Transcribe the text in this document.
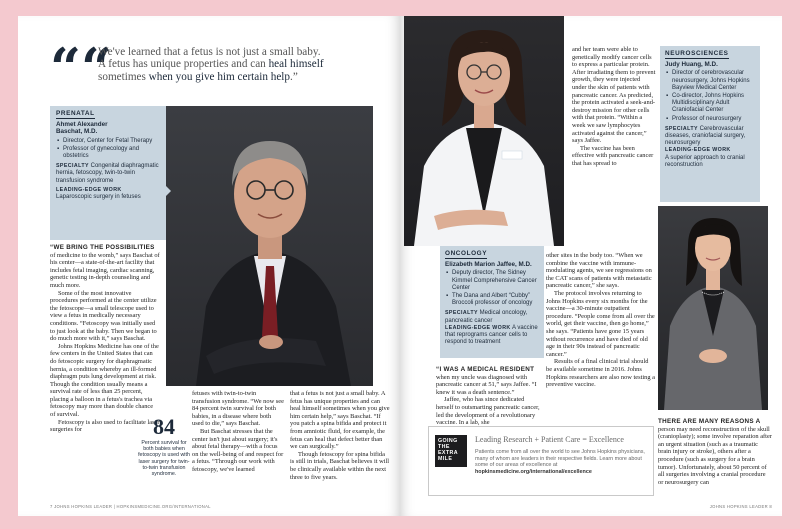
““
We've learned that a fetus is not just a small baby.
A fetus has unique properties and can heal himself
sometimes when you give him certain help.”
PRENATAL
Ahmet Alexander
Baschat, M.D.
▪ Director, Center for Fetal Therapy
▪ Professor of gynecology and obstetrics
SPECIALTY Congenital diaphragmatic hernia, fetoscopy, twin-to-twin transfusion syndrome
LEADING-EDGE WORK
Laparoscopic surgery in fetuses

“WE BRING THE POSSIBILITIES of medicine to the womb,” says Baschat of his center—a state-of-the-art facility that includes fetal imaging, cardiac scanning, genetic testing in-depth counseling and much more.

Some of the most innovative procedures performed at the center utilize the fetoscope—a small telescope used to view a fetus in medically necessary conditions. “Fetoscopy was initially used to just look at the baby. Then we began to do much more with it,” says Baschat.

Johns Hopkins Medicine has one of the few centers in the United States that can do fetoscopic surgery for diaphragmatic hernia, a condition whereby an ill-formed diaphragm puts lung development at risk. Though the condition usually means a survival rate of less than 25 percent, placing a balloon in a fetus's trachea via fetoscopy may more than double chance of survival.

Fetoscopy is also used to facilitate laser surgeries for	84
Percent survival for both babies when fetoscopy is used with laser surgery for twin-to-twin transfusion syndrome.

fetuses with twin-to-twin transfusion syndrome. “We now see 84 percent twin survival for both babies, in a disease where both used to die,” says Baschat.

But Baschat stresses that the center isn't just about surgery; it's about fetal therapy—with a focus on the well-being of and respect for a fetus. “Through our work with fetoscopy, we've learned

that a fetus is not just a small baby. A fetus has unique properties and can heal himself sometimes when you give him certain help,” says Baschat. “If you patch a spina bifida and protect it from amniotic fluid, for example, the fetus can heal that defect better than we can surgically.”

Though fetoscopy for spina bifida is still in trials, Baschat believes it will be clinically available within the next three to five years.

7 JOHNS HOPKINS LEADER | HOPKINSMEDICINE.ORG/INTERNATIONAL

and her team were able to genetically modify cancer cells to express a particular protein. After irradiating them to prevent growth, they were injected under the skin of patients with pancreatic cancer. As predicted, the protein activated a seek-and-destroy mission for other cells with that protein. “Within a week we saw lymphocytes activated against the cancer,” says Jaffee.

The vaccine has been effective with pancreatic cancer that has spread to

ONCOLOGY
Elizabeth Marion Jaffee, M.D.
▪ Deputy director, The Sidney Kimmel Comprehensive Cancer Center
▪ The Dana and Albert “Cubby” Broccoli professor of oncology
SPECIALTY Medical oncology, pancreatic cancer
LEADING-EDGE WORK A vaccine that reprograms cancer cells to respond to treatment

other sites in the body too. “When we combine the vaccine with immune-modulating agents, we see regressions on the CAT scans of patients with metastatic pancreatic cancer,” she says.

The protocol involves returning to Johns Hopkins every six months for the vaccine—a 30-minute outpatient procedure. “People come from all over the world, get their vaccine, then go home,” she says. “Patients have gone 15 years without recurrence and have died of old age in their 90s instead of pancreatic cancer.”

Results of a final clinical trial should be available sometime in 2016. Johns Hopkins researchers are also now testing a preventive vaccine.

“I WAS A MEDICAL RESIDENT when my uncle was diagnosed with pancreatic cancer at 51,” says Jaffee. “I knew it was a death sentence.”

Jaffee, who has since dedicated herself to outsmarting pancreatic cancer, led the development of a revolutionary vaccine. In a lab, she

NEUROSCIENCES
Judy Huang, M.D.
▪ Director of cerebrovascular neurosurgery, Johns Hopkins Bayview Medical Center
▪ Co-director, Johns Hopkins Multidisciplinary Adult Craniofacial Center
▪ Professor of neurosurgery
SPECIALTY Cerebrovascular diseases, craniofacial surgery, neurosurgery
LEADING-EDGE WORK
A superior approach to cranial reconstruction

THERE ARE MANY REASONS A person may need reconstruction of the skull (cranioplasty); some involve reparation after an urgent situation (such as a traumatic brain injury or stroke), others after a procedure (such as surgery for a brain tumor). Unfortunately, about 50 percent of all surgeries involving a cranial procedure or neurosurgery can

GOING
THE
EXTRA
MILE
Leading Research + Patient Care = Excellence
Patients come from all over the world to see Johns Hopkins physicians, many of whom are leaders in their respective fields. Learn more about some of our areas of excellence at hopkinsmedicine.org/international/excellence
JOHNS HOPKINS LEADER 8
